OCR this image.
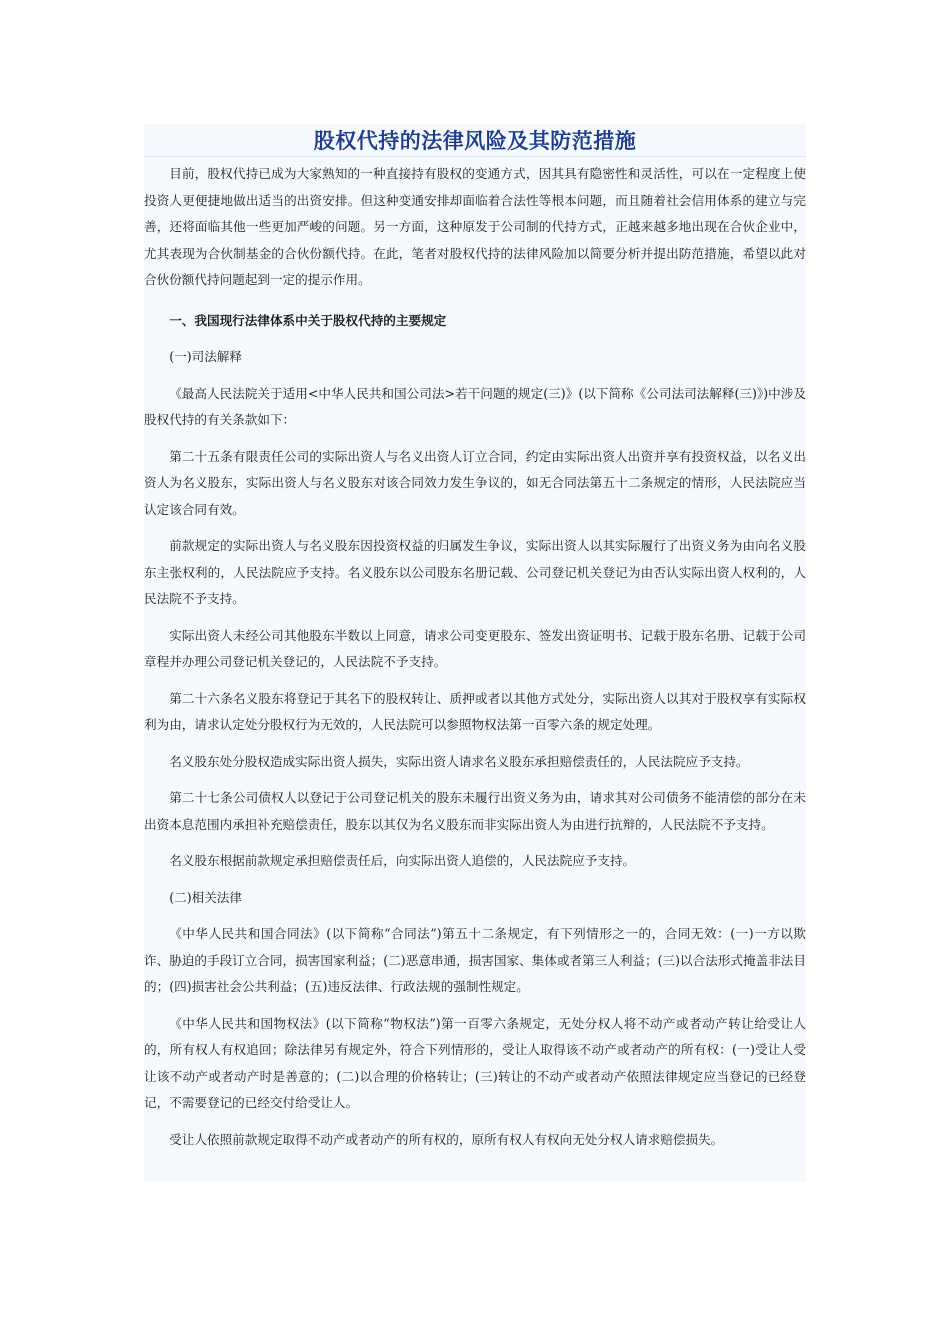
股权代持的法律风险及其防范措施

目前，股权代持已成为大家熟知的一种直接持有股权的变通方式，因其具有隐密性和灵活性，可以在一定程度上使投资人更便捷地做出适当的出资安排。但这种变通安排却面临着合法性等根本问题，而且随着社会信用体系的建立与完善，还将面临其他一些更加严峻的问题。另一方面，这种原发于公司制的代持方式，正越来越多地出现在合伙企业中，尤其表现为合伙制基金的合伙份额代持。在此，笔者对股权代持的法律风险加以简要分析并提出防范措施，希望以此对合伙份额代持问题起到一定的提示作用。

一、我国现行法律体系中关于股权代持的主要规定

(一)司法解释

《最高人民法院关于适用<中华人民共和国公司法>若干问题的规定(三)》(以下简称《公司法司法解释(三)》)中涉及股权代持的有关条款如下：

第二十五条有限责任公司的实际出资人与名义出资人订立合同，约定由实际出资人出资并享有投资权益，以名义出资人为名义股东，实际出资人与名义股东对该合同效力发生争议的，如无合同法第五十二条规定的情形，人民法院应当认定该合同有效。

前款规定的实际出资人与名义股东因投资权益的归属发生争议，实际出资人以其实际履行了出资义务为由向名义股东主张权利的，人民法院应予支持。名义股东以公司股东名册记载、公司登记机关登记为由否认实际出资人权利的，人民法院不予支持。

实际出资人未经公司其他股东半数以上同意，请求公司变更股东、签发出资证明书、记载于股东名册、记载于公司章程并办理公司登记机关登记的，人民法院不予支持。

第二十六条名义股东将登记于其名下的股权转让、质押或者以其他方式处分，实际出资人以其对于股权享有实际权利为由，请求认定处分股权行为无效的，人民法院可以参照物权法第一百零六条的规定处理。

名义股东处分股权造成实际出资人损失，实际出资人请求名义股东承担赔偿责任的，人民法院应予支持。

第二十七条公司债权人以登记于公司登记机关的股东未履行出资义务为由，请求其对公司债务不能清偿的部分在未出资本息范围内承担补充赔偿责任，股东以其仅为名义股东而非实际出资人为由进行抗辩的，人民法院不予支持。

名义股东根据前款规定承担赔偿责任后，向实际出资人追偿的，人民法院应予支持。

(二)相关法律

《中华人民共和国合同法》(以下简称“合同法”)第五十二条规定，有下列情形之一的，合同无效：(一)一方以欺诈、胁迫的手段订立合同，损害国家利益；(二)恶意串通，损害国家、集体或者第三人利益；(三)以合法形式掩盖非法目的；(四)损害社会公共利益；(五)违反法律、行政法规的强制性规定。

《中华人民共和国物权法》(以下简称“物权法”)第一百零六条规定，无处分权人将不动产或者动产转让给受让人的，所有权人有权追回；除法律另有规定外，符合下列情形的，受让人取得该不动产或者动产的所有权：(一)受让人受让该不动产或者动产时是善意的；(二)以合理的价格转让；(三)转让的不动产或者动产依照法律规定应当登记的已经登记，不需要登记的已经交付给受让人。

受让人依照前款规定取得不动产或者动产的所有权的，原所有权人有权向无处分权人请求赔偿损失。
